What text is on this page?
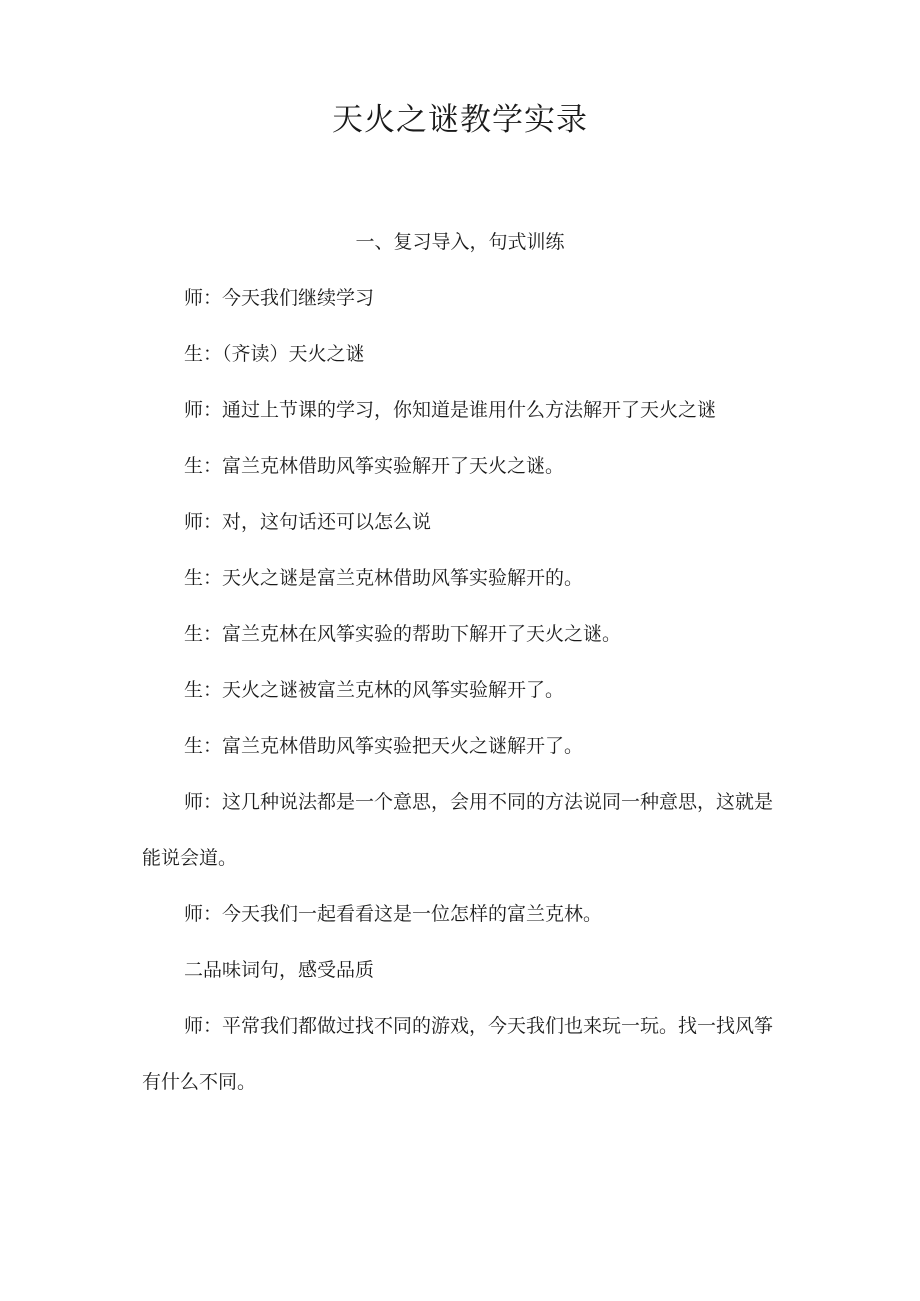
天火之谜教学实录
一、复习导入，句式训练

师：今天我们继续学习

生：（齐读）天火之谜

师：通过上节课的学习，你知道是谁用什么方法解开了天火之谜

生：富兰克林借助风筝实验解开了天火之谜。

师：对，这句话还可以怎么说

生：天火之谜是富兰克林借助风筝实验解开的。

生：富兰克林在风筝实验的帮助下解开了天火之谜。

生：天火之谜被富兰克林的风筝实验解开了。

生：富兰克林借助风筝实验把天火之谜解开了。

师：这几种说法都是一个意思，会用不同的方法说同一种意思，这就是能说会道。

师：今天我们一起看看这是一位怎样的富兰克林。

二品味词句，感受品质

师：平常我们都做过找不同的游戏，今天我们也来玩一玩。找一找风筝有什么不同。
